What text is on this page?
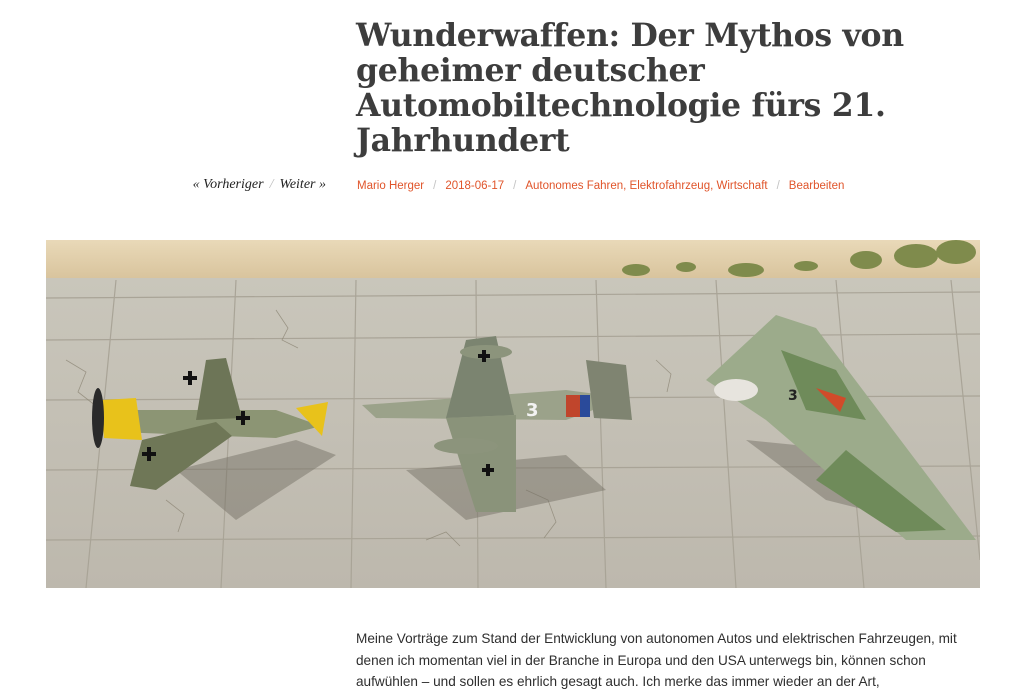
Wunderwaffen: Der Mythos von geheimer deutscher Automobiltechnologie fürs 21. Jahrhundert
« Vorheriger / Weiter »	Mario Herger / 2018-06-17 / Autonomes Fahren, Elektrofahrzeug, Wirtschaft / Bearbeiten
3
3

Meine Vorträge zum Stand der Entwicklung von autonomen Autos und elektrischen Fahrzeugen, mit denen ich momentan viel in der Branche in Europa und den USA unterwegs bin, können schon aufwühlen – und sollen es ehrlich gesagt auch. Ich merke das immer wieder an der Art,
